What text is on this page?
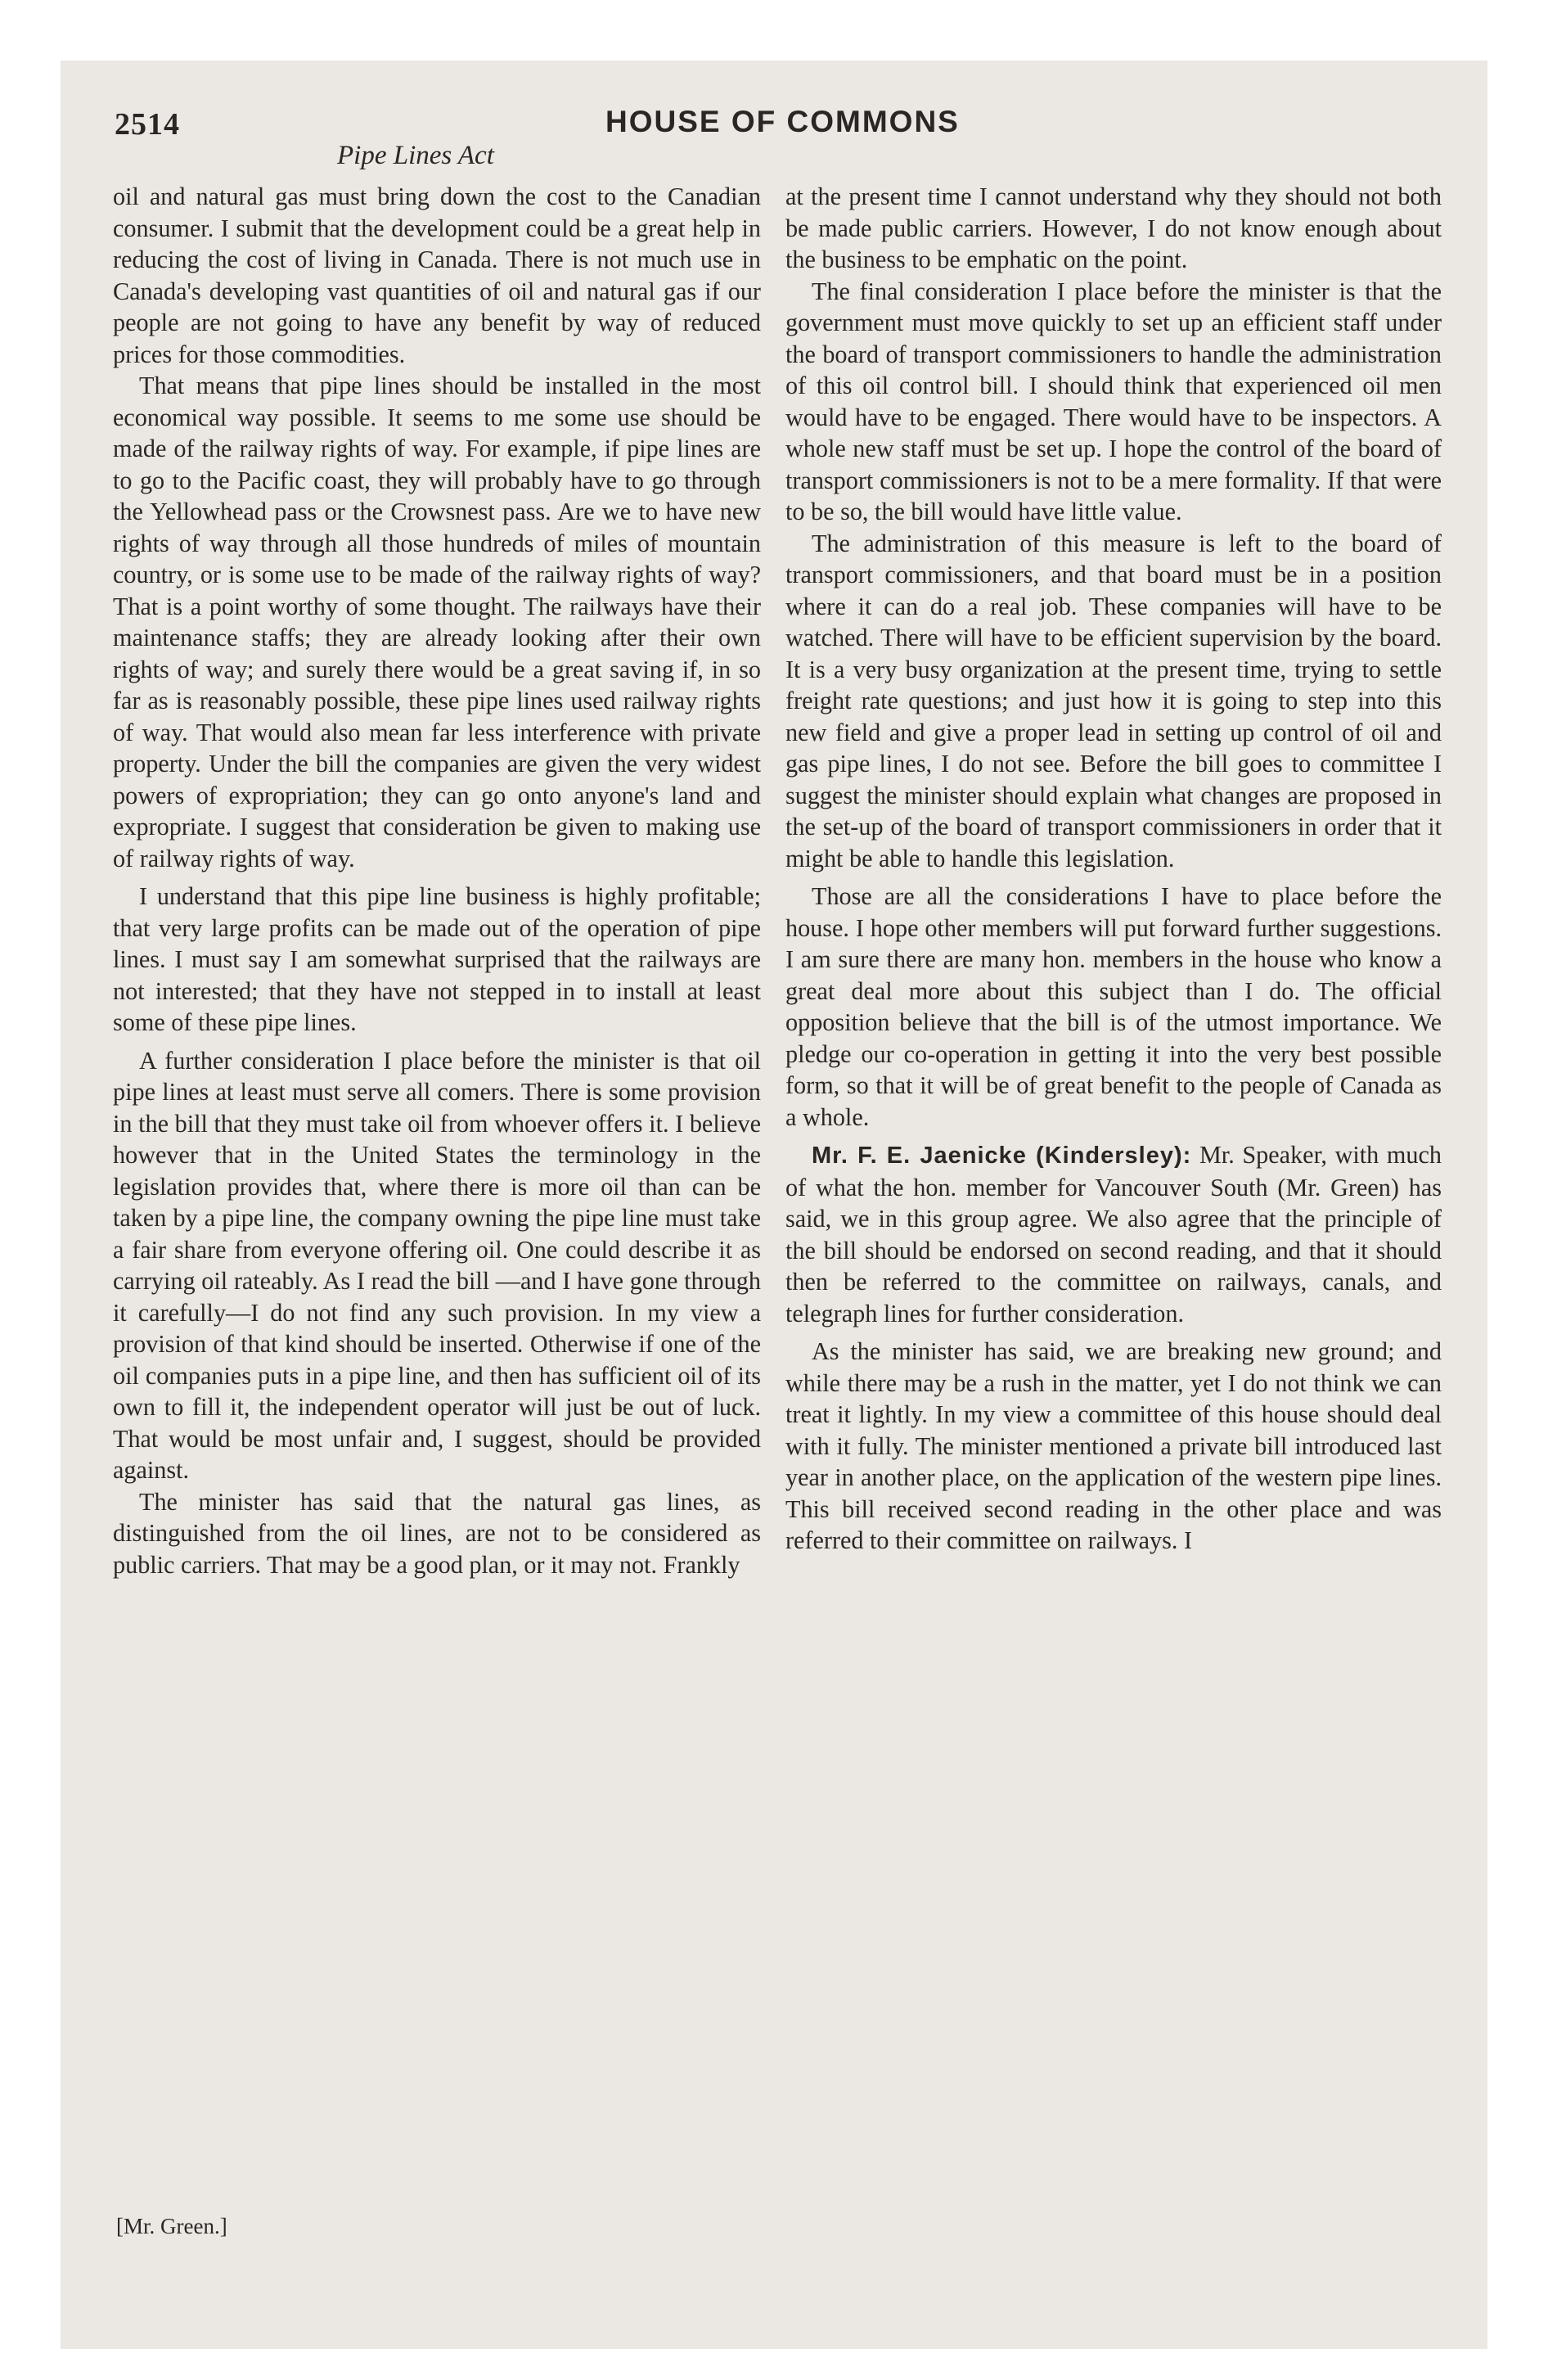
2514	HOUSE OF COMMONS
Pipe Lines Act

oil and natural gas must bring down the cost to the Canadian consumer. I submit that the development could be a great help in reducing the cost of living in Canada. There is not much use in Canada's developing vast quantities of oil and natural gas if our people are not going to have any benefit by way of reduced prices for those commodities.

That means that pipe lines should be installed in the most economical way possible. It seems to me some use should be made of the railway rights of way. For example, if pipe lines are to go to the Pacific coast, they will probably have to go through the Yellowhead pass or the Crowsnest pass. Are we to have new rights of way through all those hundreds of miles of mountain country, or is some use to be made of the railway rights of way? That is a point worthy of some thought. The railways have their maintenance staffs; they are already looking after their own rights of way; and surely there would be a great saving if, in so far as is reasonably possible, these pipe lines used railway rights of way. That would also mean far less interference with private property. Under the bill the companies are given the very widest powers of expropriation; they can go onto anyone's land and expropriate. I suggest that consideration be given to making use of railway rights of way.

I understand that this pipe line business is highly profitable; that very large profits can be made out of the operation of pipe lines. I must say I am somewhat surprised that the railways are not interested; that they have not stepped in to install at least some of these pipe lines.

A further consideration I place before the minister is that oil pipe lines at least must serve all comers. There is some provision in the bill that they must take oil from whoever offers it. I believe however that in the United States the terminology in the legislation provides that, where there is more oil than can be taken by a pipe line, the company owning the pipe line must take a fair share from everyone offering oil. One could describe it as carrying oil rateably. As I read the bill —and I have gone through it carefully—I do not find any such provision. In my view a provision of that kind should be inserted. Otherwise if one of the oil companies puts in a pipe line, and then has sufficient oil of its own to fill it, the independent operator will just be out of luck. That would be most unfair and, I suggest, should be provided against.

The minister has said that the natural gas lines, as distinguished from the oil lines, are not to be considered as public carriers. That may be a good plan, or it may not. Frankly

at the present time I cannot understand why they should not both be made public carriers. However, I do not know enough about the business to be emphatic on the point.

The final consideration I place before the minister is that the government must move quickly to set up an efficient staff under the board of transport commissioners to handle the administration of this oil control bill. I should think that experienced oil men would have to be engaged. There would have to be inspectors. A whole new staff must be set up. I hope the control of the board of transport commissioners is not to be a mere formality. If that were to be so, the bill would have little value.

The administration of this measure is left to the board of transport commissioners, and that board must be in a position where it can do a real job. These companies will have to be watched. There will have to be efficient supervision by the board. It is a very busy organization at the present time, trying to settle freight rate questions; and just how it is going to step into this new field and give a proper lead in setting up control of oil and gas pipe lines, I do not see. Before the bill goes to committee I suggest the minister should explain what changes are proposed in the set-up of the board of transport commissioners in order that it might be able to handle this legislation.

Those are all the considerations I have to place before the house. I hope other members will put forward further suggestions. I am sure there are many hon. members in the house who know a great deal more about this subject than I do. The official opposition believe that the bill is of the utmost importance. We pledge our co-operation in getting it into the very best possible form, so that it will be of great benefit to the people of Canada as a whole.

Mr. F. E. Jaenicke (Kindersley): Mr. Speaker, with much of what the hon. member for Vancouver South (Mr. Green) has said, we in this group agree. We also agree that the principle of the bill should be endorsed on second reading, and that it should then be referred to the committee on railways, canals, and telegraph lines for further consideration.

As the minister has said, we are breaking new ground; and while there may be a rush in the matter, yet I do not think we can treat it lightly. In my view a committee of this house should deal with it fully. The minister mentioned a private bill introduced last year in another place, on the application of the western pipe lines. This bill received second reading in the other place and was referred to their committee on railways. I

[Mr. Green.]
